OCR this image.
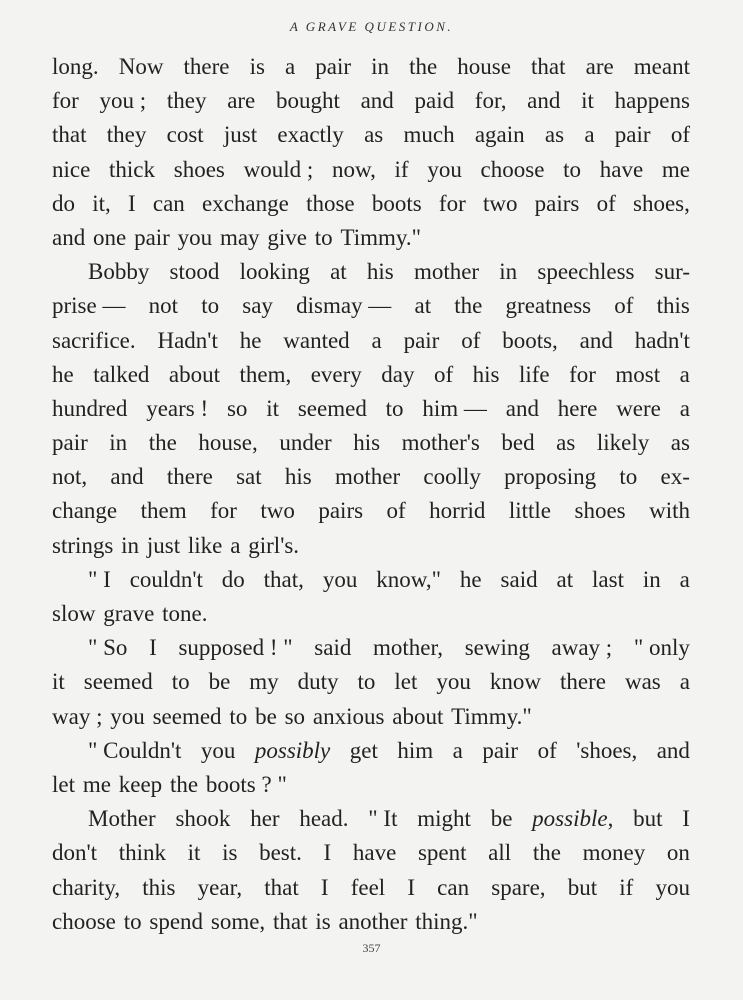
A GRAVE QUESTION.
long. Now there is a pair in the house that are meant
for you ; they are bought and paid for, and it happens
that they cost just exactly as much again as a pair of
nice thick shoes would ; now, if you choose to have me
do it, I can exchange those boots for two pairs of shoes,
and one pair you may give to Timmy."
Bobby stood looking at his mother in speechless sur-
prise — not to say dismay — at the greatness of this
sacrifice. Hadn't he wanted a pair of boots, and hadn't
he talked about them, every day of his life for most a
hundred years ! so it seemed to him — and here were a
pair in the house, under his mother's bed as likely as
not, and there sat his mother coolly proposing to ex-
change them for two pairs of horrid little shoes with
strings in just like a girl's.
" I couldn't do that, you know," he said at last in a
slow grave tone.
" So I supposed ! " said mother, sewing away ; " only
it seemed to be my duty to let you know there was a
way ; you seemed to be so anxious about Timmy."
" Couldn't you possibly get him a pair of 'shoes, and
let me keep the boots ? "
Mother shook her head. " It might be possible, but I
don't think it is best. I have spent all the money on
charity, this year, that I feel I can spare, but if you
choose to spend some, that is another thing."
357
